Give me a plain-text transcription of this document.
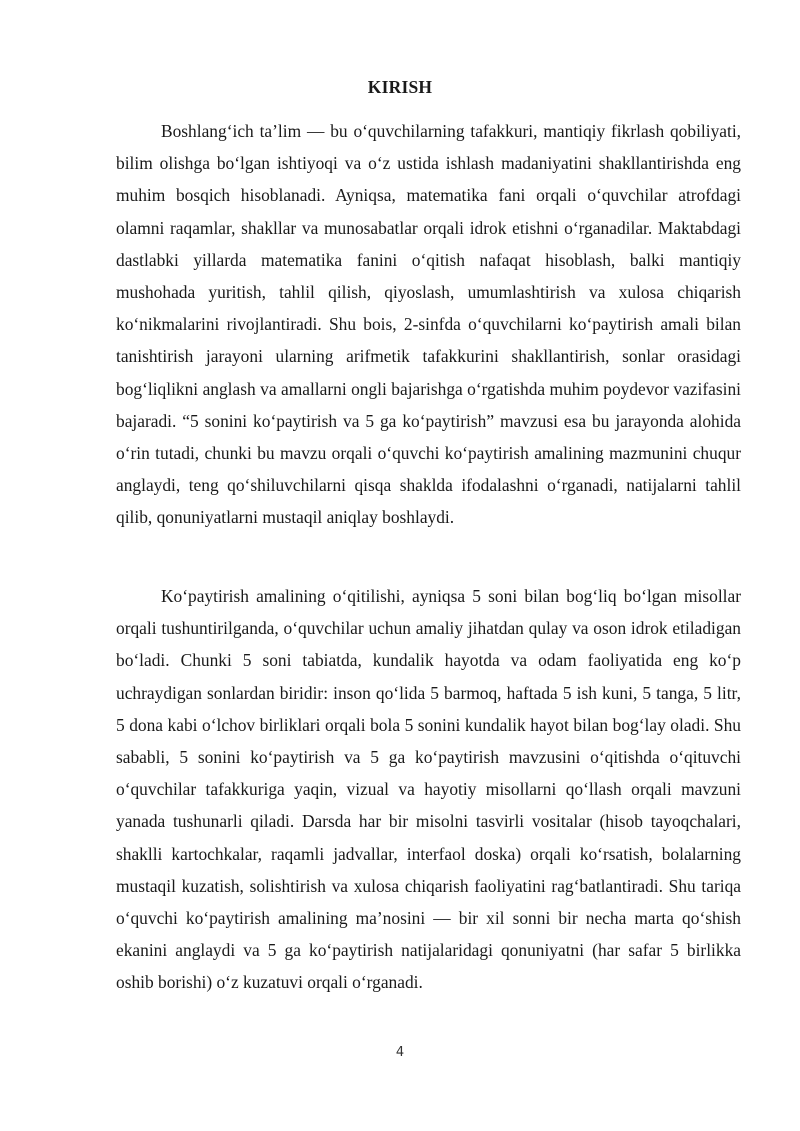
KIRISH

Boshlang‘ich ta’lim — bu o‘quvchilarning tafakkuri, mantiqiy fikrlash qobiliyati, bilim olishga bo‘lgan ishtiyoqi va o‘z ustida ishlash madaniyatini shakllantirishda eng muhim bosqich hisoblanadi. Ayniqsa, matematika fani orqali o‘quvchilar atrofdagi olamni raqamlar, shakllar va munosabatlar orqali idrok etishni o‘rganadilar. Maktabdagi dastlabki yillarda matematika fanini o‘qitish nafaqat hisoblash, balki mantiqiy mushohada yuritish, tahlil qilish, qiyoslash, umumlashtirish va xulosa chiqarish ko‘nikmalarini rivojlantiradi. Shu bois, 2-sinfda o‘quvchilarni ko‘paytirish amali bilan tanishtirish jarayoni ularning arifmetik tafakkurini shakllantirish, sonlar orasidagi bog‘liqlikni anglash va amallarni ongli bajarishga o‘rgatishda muhim poydevor vazifasini bajaradi. “5 sonini ko‘paytirish va 5 ga ko‘paytirish” mavzusi esa bu jarayonda alohida o‘rin tutadi, chunki bu mavzu orqali o‘quvchi ko‘paytirish amalining mazmunini chuqur anglaydi, teng qo‘shiluvchilarni qisqa shaklda ifodalashni o‘rganadi, natijalarni tahlil qilib, qonuniyatlarni mustaqil aniqlay boshlaydi.

Ko‘paytirish amalining o‘qitilishi, ayniqsa 5 soni bilan bog‘liq bo‘lgan misollar orqali tushuntirilganda, o‘quvchilar uchun amaliy jihatdan qulay va oson idrok etiladigan bo‘ladi. Chunki 5 soni tabiatda, kundalik hayotda va odam faoliyatida eng ko‘p uchraydigan sonlardan biridir: inson qo‘lida 5 barmoq, haftada 5 ish kuni, 5 tanga, 5 litr, 5 dona kabi o‘lchov birliklari orqali bola 5 sonini kundalik hayot bilan bog‘lay oladi. Shu sababli, 5 sonini ko‘paytirish va 5 ga ko‘paytirish mavzusini o‘qitishda o‘qituvchi o‘quvchilar tafakkuriga yaqin, vizual va hayotiy misollarni qo‘llash orqali mavzuni yanada tushunarli qiladi. Darsda har bir misolni tasvirli vositalar (hisob tayoqchalari, shaklli kartochkalar, raqamli jadvallar, interfaol doska) orqali ko‘rsatish, bolalarning mustaqil kuzatish, solishtirish va xulosa chiqarish faoliyatini rag‘batlantiradi. Shu tariqa o‘quvchi ko‘paytirish amalining ma’nosini — bir xil sonni bir necha marta qo‘shish ekanini anglaydi va 5 ga ko‘paytirish natijalaridagi qonuniyatni (har safar 5 birlikka oshib borishi) o‘z kuzatuvi orqali o‘rganadi.

4
